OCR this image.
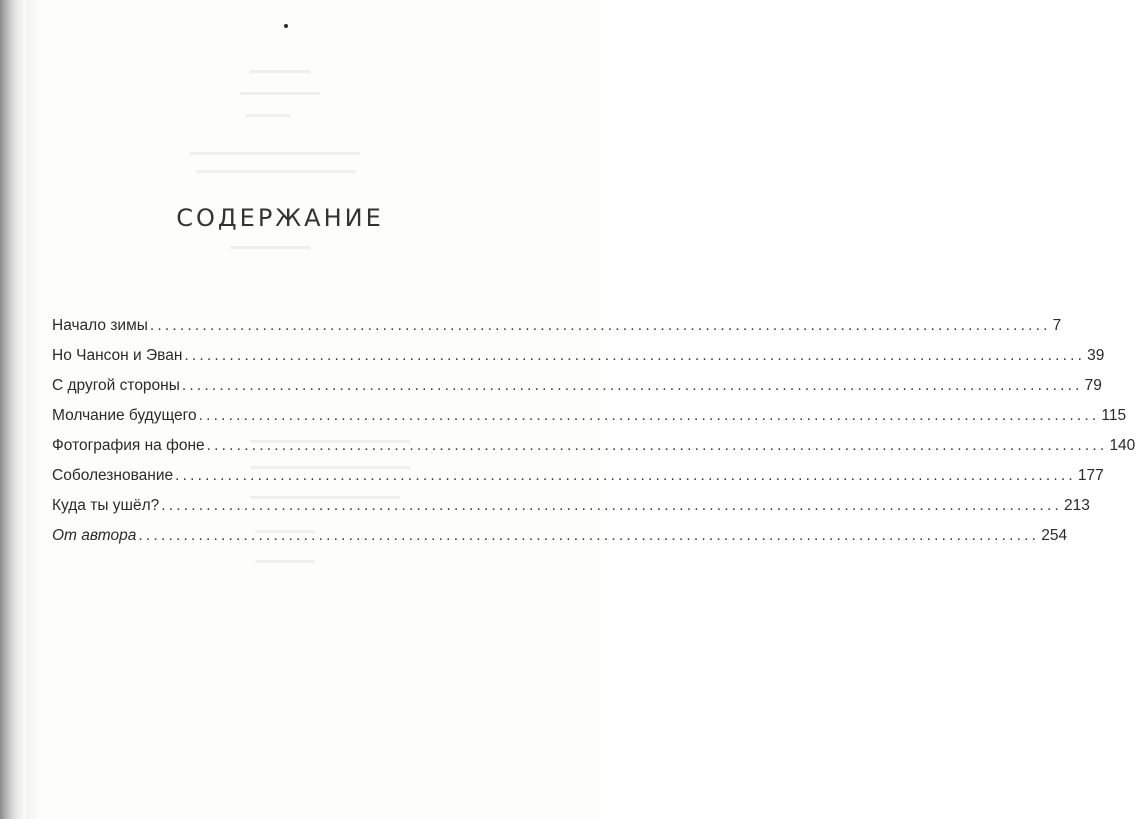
СОДЕРЖАНИЕ
Начало зимы ........................................................................................................................ 7
Но Чансон и Эван ........................................................................................................................ 39
С другой стороны ........................................................................................................................ 79
Молчание будущего ........................................................................................................................ 115
Фотография на фоне ........................................................................................................................ 140
Соболезнование ........................................................................................................................ 177
Куда ты ушёл? ........................................................................................................................ 213
От автора ........................................................................................................................ 254
